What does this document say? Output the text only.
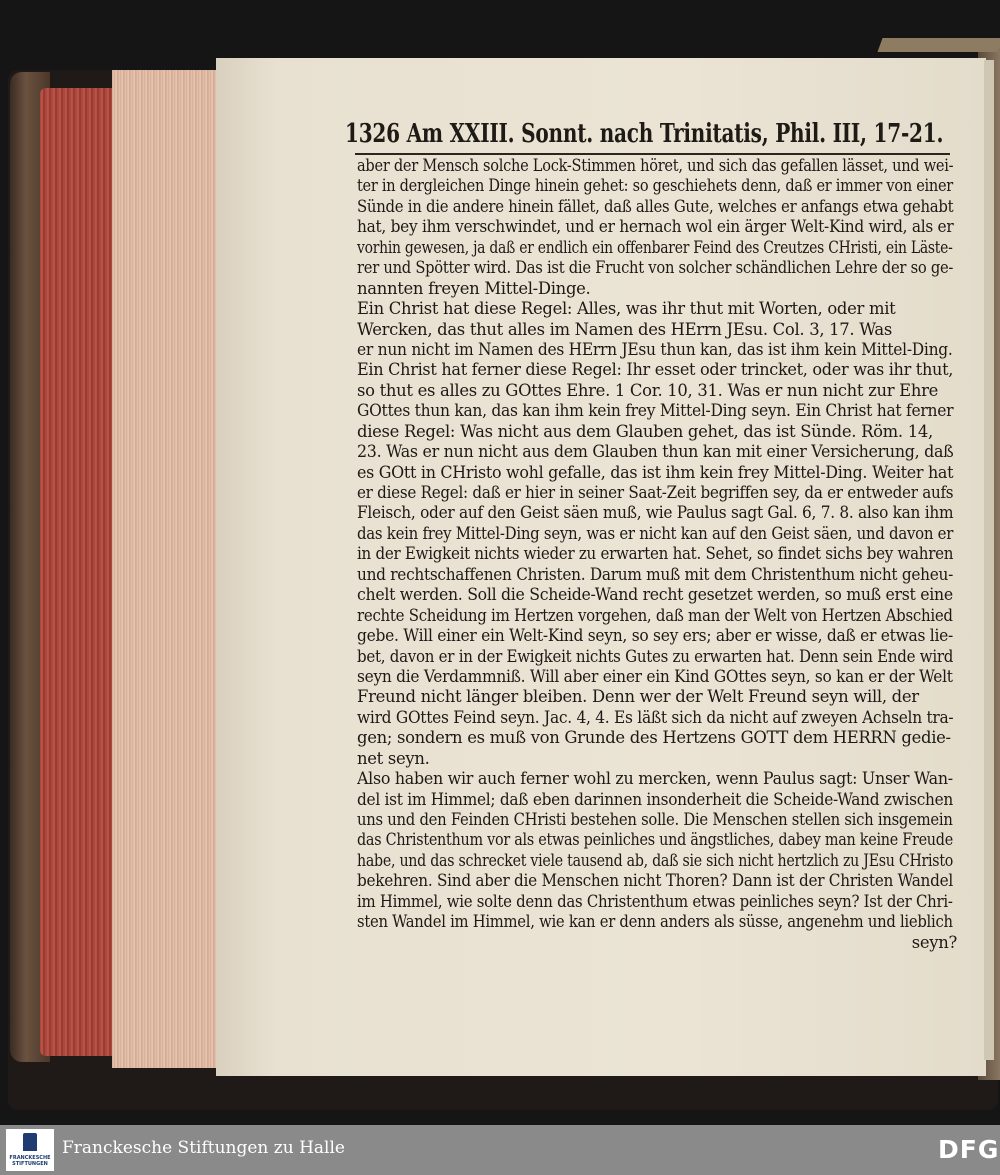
1326 Am XXIII. Sonnt. nach Trinitatis, Phil. III, 17-21.
aber der Mensch solche Lock-Stimmen höret, und sich das gefallen lässet, und wei-
ter in dergleichen Dinge hinein gehet: so geschiehets denn, daß er immer von einer
Sünde in die andere hinein fället, daß alles Gute, welches er anfangs etwa gehabt
hat, bey ihm verschwindet, und er hernach wol ein ärger Welt-Kind wird, als er
vorhin gewesen, ja daß er endlich ein offenbarer Feind des Creutzes CHristi, ein Läste-
rer und Spötter wird. Das ist die Frucht von solcher schändlichen Lehre der so ge-
nannten freyen Mittel-Dinge.
Ein Christ hat diese Regel: Alles, was ihr thut mit Worten, oder mit
Wercken, das thut alles im Namen des HErrn JEsu. Col. 3, 17. Was
er nun nicht im Namen des HErrn JEsu thun kan, das ist ihm kein Mittel-Ding.
Ein Christ hat ferner diese Regel: Ihr esset oder trincket, oder was ihr thut,
so thut es alles zu GOttes Ehre. 1 Cor. 10, 31. Was er nun nicht zur Ehre
GOttes thun kan, das kan ihm kein frey Mittel-Ding seyn. Ein Christ hat ferner
diese Regel: Was nicht aus dem Glauben gehet, das ist Sünde. Röm. 14,
23. Was er nun nicht aus dem Glauben thun kan mit einer Versicherung, daß
es GOtt in CHristo wohl gefalle, das ist ihm kein frey Mittel-Ding. Weiter hat
er diese Regel: daß er hier in seiner Saat-Zeit begriffen sey, da er entweder aufs
Fleisch, oder auf den Geist säen muß, wie Paulus sagt Gal. 6, 7. 8. also kan ihm
das kein frey Mittel-Ding seyn, was er nicht kan auf den Geist säen, und davon er
in der Ewigkeit nichts wieder zu erwarten hat. Sehet, so findet sichs bey wahren
und rechtschaffenen Christen. Darum muß mit dem Christenthum nicht geheu-
chelt werden. Soll die Scheide-Wand recht gesetzet werden, so muß erst eine
rechte Scheidung im Hertzen vorgehen, daß man der Welt von Hertzen Abschied
gebe. Will einer ein Welt-Kind seyn, so sey ers; aber er wisse, daß er etwas lie-
bet, davon er in der Ewigkeit nichts Gutes zu erwarten hat. Denn sein Ende wird
seyn die Verdammniß. Will aber einer ein Kind GOttes seyn, so kan er der Welt
Freund nicht länger bleiben. Denn wer der Welt Freund seyn will, der
wird GOttes Feind seyn. Jac. 4, 4. Es läßt sich da nicht auf zweyen Achseln tra-
gen; sondern es muß von Grunde des Hertzens GOTT dem HERRN gedie-
net seyn.
Also haben wir auch ferner wohl zu mercken, wenn Paulus sagt: Unser Wan-
del ist im Himmel; daß eben darinnen insonderheit die Scheide-Wand zwischen
uns und den Feinden CHristi bestehen solle. Die Menschen stellen sich insgemein
das Christenthum vor als etwas peinliches und ängstliches, dabey man keine Freude
habe, und das schrecket viele tausend ab, daß sie sich nicht hertzlich zu JEsu CHristo
bekehren. Sind aber die Menschen nicht Thoren? Dann ist der Christen Wandel
im Himmel, wie solte denn das Christenthum etwas peinliches seyn? Ist der Chri-
sten Wandel im Himmel, wie kan er denn anders als süsse, angenehm und lieblich
seyn?
FRANCKESCHE STIFTUNGEN
Franckesche Stiftungen zu Halle	DFG
